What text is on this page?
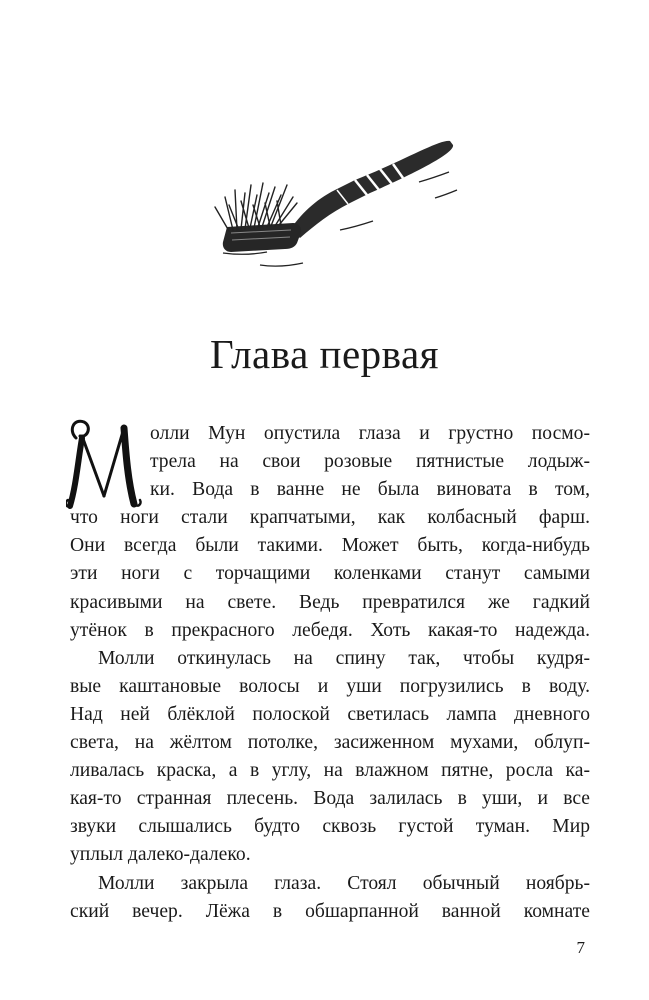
Глава первая
олли Мун опустила глаза и грустно посмо-
трела на свои розовые пятнистые лодыж-
ки. Вода в ванне не была виновата в том,
что ноги стали крапчатыми, как колбасный фарш.
Они всегда были такими. Может быть, когда-нибудь
эти ноги с торчащими коленками станут самыми
красивыми на свете. Ведь превратился же гадкий
утёнок в прекрасного лебедя. Хоть какая-то надежда.
Молли откинулась на спину так, чтобы кудря-
вые каштановые волосы и уши погрузились в воду.
Над ней блёклой полоской светилась лампа дневного
света, на жёлтом потолке, засиженном мухами, облуп-
ливалась краска, а в углу, на влажном пятне, росла ка-
кая-то странная плесень. Вода залилась в уши, и все
звуки слышались будто сквозь густой туман. Мир
уплыл далеко-далеко.
Молли закрыла глаза. Стоял обычный ноябрь-
ский вечер. Лёжа в обшарпанной ванной комнате
7
